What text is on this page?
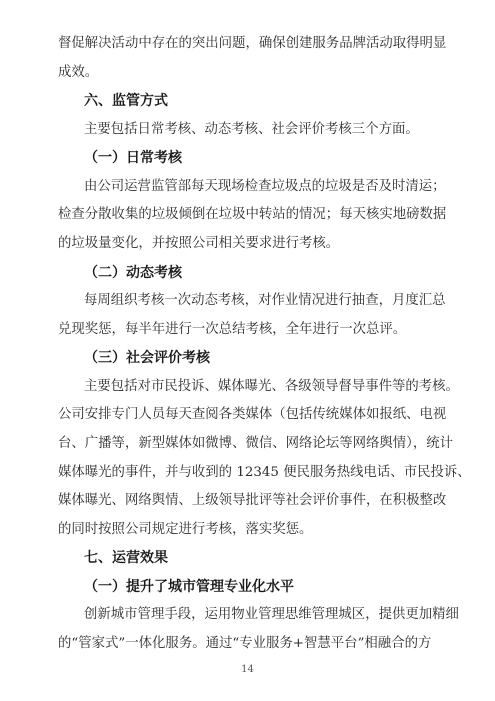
督促解决活动中存在的突出问题，确保创建服务品牌活动取得明显
成效。
六、监管方式
主要包括日常考核、动态考核、社会评价考核三个方面。
（一）日常考核
由公司运营监管部每天现场检查垃圾点的垃圾是否及时清运；
检查分散收集的垃圾倾倒在垃圾中转站的情况；每天核实地磅数据
的垃圾量变化，并按照公司相关要求进行考核。
（二）动态考核
每周组织考核一次动态考核，对作业情况进行抽查，月度汇总
兑现奖惩，每半年进行一次总结考核，全年进行一次总评。
（三）社会评价考核
主要包括对市民投诉、媒体曝光、各级领导督导事件等的考核。
公司安排专门人员每天查阅各类媒体（包括传统媒体如报纸、电视
台、广播等，新型媒体如微博、微信、网络论坛等网络舆情），统计
媒体曝光的事件，并与收到的 12345 便民服务热线电话、市民投诉、
媒体曝光、网络舆情、上级领导批评等社会评价事件，在积极整改
的同时按照公司规定进行考核，落实奖惩。
七、运营效果
（一）提升了城市管理专业化水平
创新城市管理手段，运用物业管理思维管理城区，提供更加精细
的“管家式”一体化服务。通过“专业服务+智慧平台”相融合的方
14
